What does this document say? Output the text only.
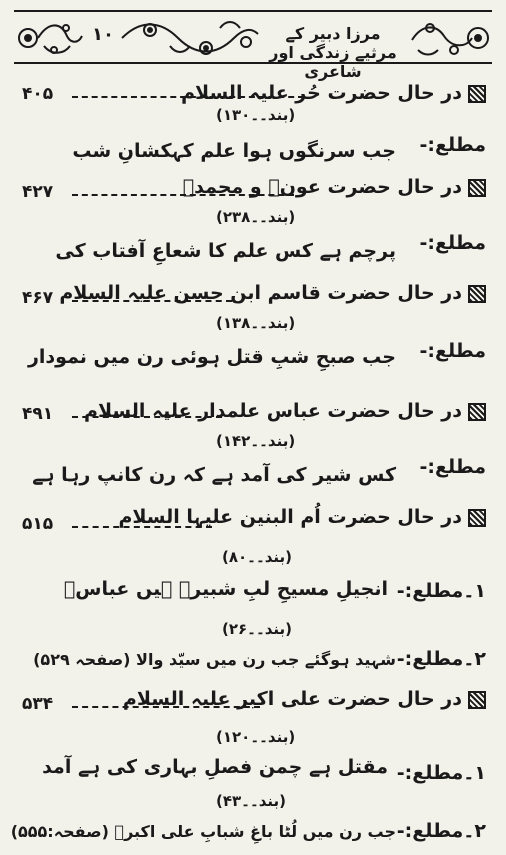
۱۰	مرزا دبیر کے مرثیے زندگی اور شاعری
۴۰۵	در حال حضرت حُر علیہ السلام
(بند۔۔۱۳۰)
مطلع:-
جب سرنگوں ہوا علم کہکشانِ شب
۴۲۷	در حال حضرت عونؑ و محمدؑ
(بند۔۔۲۳۸)
مطلع:-
پرچم ہے کس علم کا شعاعِ آفتاب کی
۴۶۷ در حال حضرت قاسم ابن حسن علیہ السلام
(بند۔۔۱۳۸)
مطلع:-
جب صبحِ شبِ قتل ہوئی رن میں نمودار
۴۹۱ در حال حضرت عباس علمدار علیہ السلام
(بند۔۔۱۴۲)
مطلع:-
کس شیر کی آمد ہے کہ رن کانپ رہا ہے
۵۱۵	در حال حضرت اُم البنین علیہا السلام
(بند۔۔۸۰)
۱۔مطلع:-
انجیلِ مسیحِ لبِ شبیرؑ ہیں عباسؑ
(بند۔۔۲۶)
۲۔مطلع:-
شہید ہوگئے جب رن میں سیّد والا (صفحہ ۵۲۹)
۵۳۴	در حال حضرت علی اکبر علیہ السلام
(بند۔۔۱۲۰)
۱۔مطلع:-
مقتل ہے چمن فصلِ بہاری کی ہے آمد
(بند۔۔۴۳)
۲۔مطلع:-
جب رن میں لُٹا باغِ شبابِ علی اکبرؑ (صفحہ:۵۵۵)
